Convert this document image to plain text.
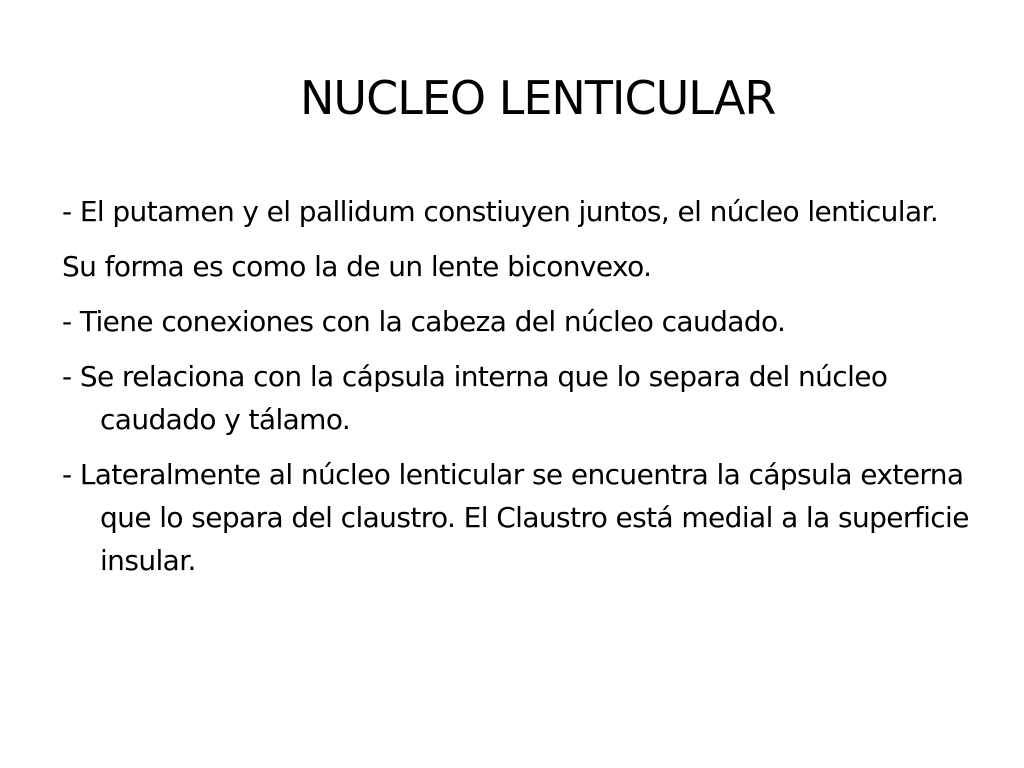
NUCLEO LENTICULAR
- El putamen y el pallidum constiuyen juntos, el núcleo lenticular.
Su forma es como la de un lente biconvexo.
- Tiene conexiones con la cabeza del núcleo caudado.
- Se relaciona con la cápsula interna que lo separa del núcleo caudado y tálamo.
- Lateralmente al núcleo lenticular se encuentra la cápsula externa que lo separa del claustro. El Claustro está medial a la superficie insular.
